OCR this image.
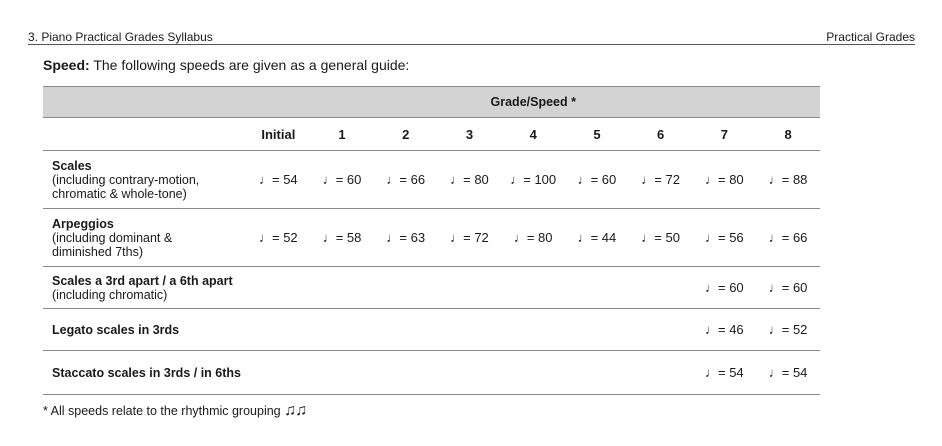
3. Piano Practical Grades Syllabus	Practical Grades
Speed: The following speeds are given as a general guide:
	Grade/Speed *								
	Initial	1	2	3	4	5	6	7	8

Scales
(including contrary-motion,
chromatic & whole-tone)	♩= 54	♩= 60	♩= 66	♩= 80	♩= 100	♩= 60	♩= 72	♩= 80	♩= 88

Arpeggios
(including dominant &
diminished 7ths)	♩= 52	♩= 58	♩= 63	♩= 72	♩= 80	♩= 44	♩= 50	♩= 56	♩= 66

Scales a 3rd apart / a 6th apart
(including chromatic)								♩= 60	♩= 60

Legato scales in 3rds								♩= 46	♩= 52

Staccato scales in 3rds / in 6ths								♩= 54	♩= 54
* All speeds relate to the rhythmic grouping ♫♫
